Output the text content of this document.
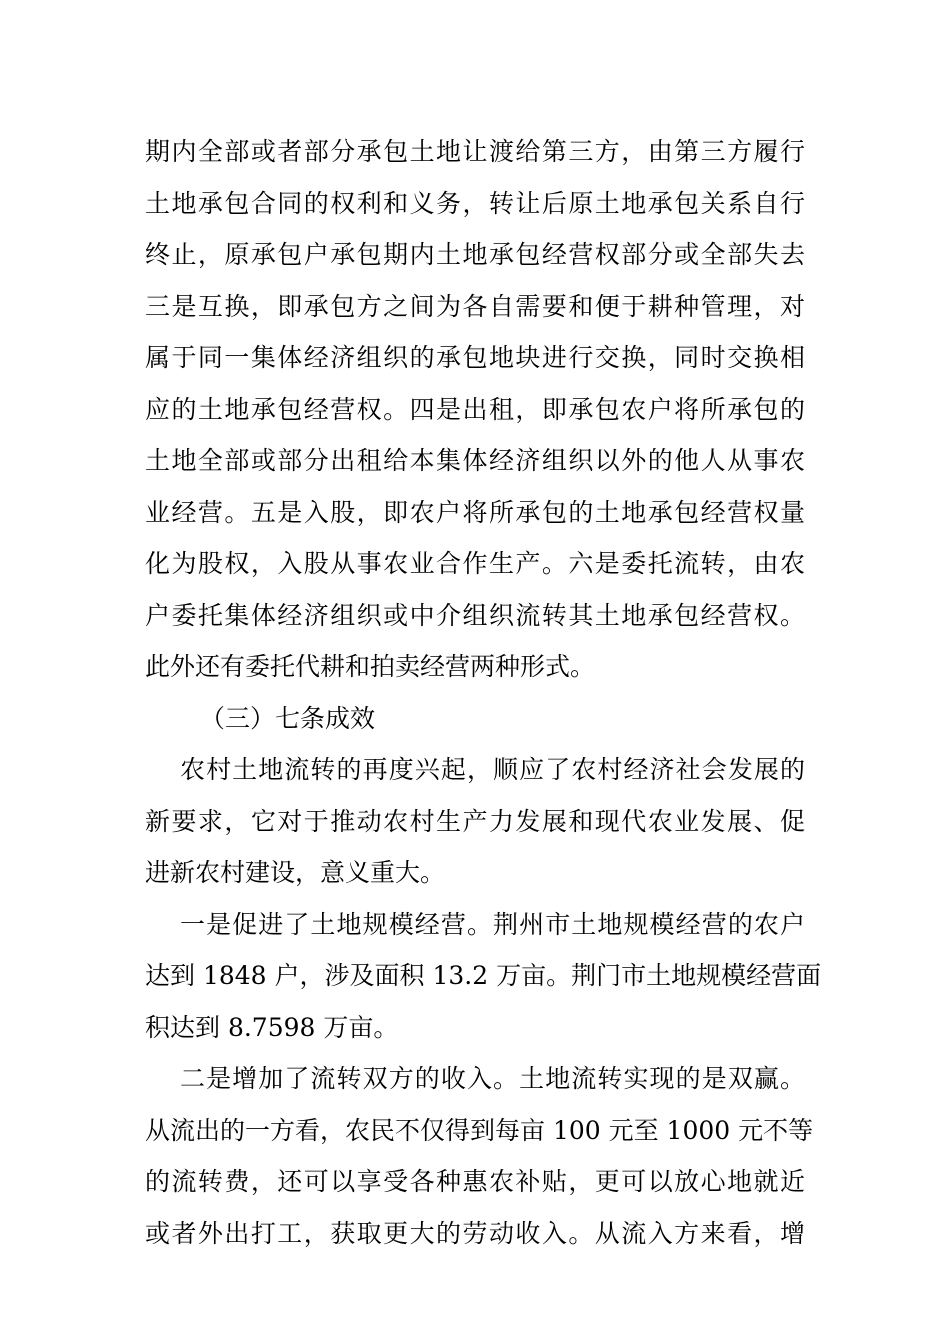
期内全部或者部分承包土地让渡给第三方，由第三方履行
土地承包合同的权利和义务，转让后原土地承包关系自行
终止，原承包户承包期内土地承包经营权部分或全部失去
三是互换，即承包方之间为各自需要和便于耕种管理，对
属于同一集体经济组织的承包地块进行交换，同时交换相
应的土地承包经营权。四是出租，即承包农户将所承包的
土地全部或部分出租给本集体经济组织以外的他人从事农
业经营。五是入股，即农户将所承包的土地承包经营权量
化为股权，入股从事农业合作生产。六是委托流转，由农
户委托集体经济组织或中介组织流转其土地承包经营权。
此外还有委托代耕和拍卖经营两种形式。
（三）七条成效
农村土地流转的再度兴起，顺应了农村经济社会发展的
新要求，它对于推动农村生产力发展和现代农业发展、促
进新农村建设，意义重大。
一是促进了土地规模经营。荆州市土地规模经营的农户
达到 1848 户，涉及面积 13.2 万亩。荆门市土地规模经营面
积达到 8.7598 万亩。
二是增加了流转双方的收入。土地流转实现的是双赢。
从流出的一方看，农民不仅得到每亩 100 元至 1000 元不等
的流转费，还可以享受各种惠农补贴，更可以放心地就近
或者外出打工，获取更大的劳动收入。从流入方来看，增
